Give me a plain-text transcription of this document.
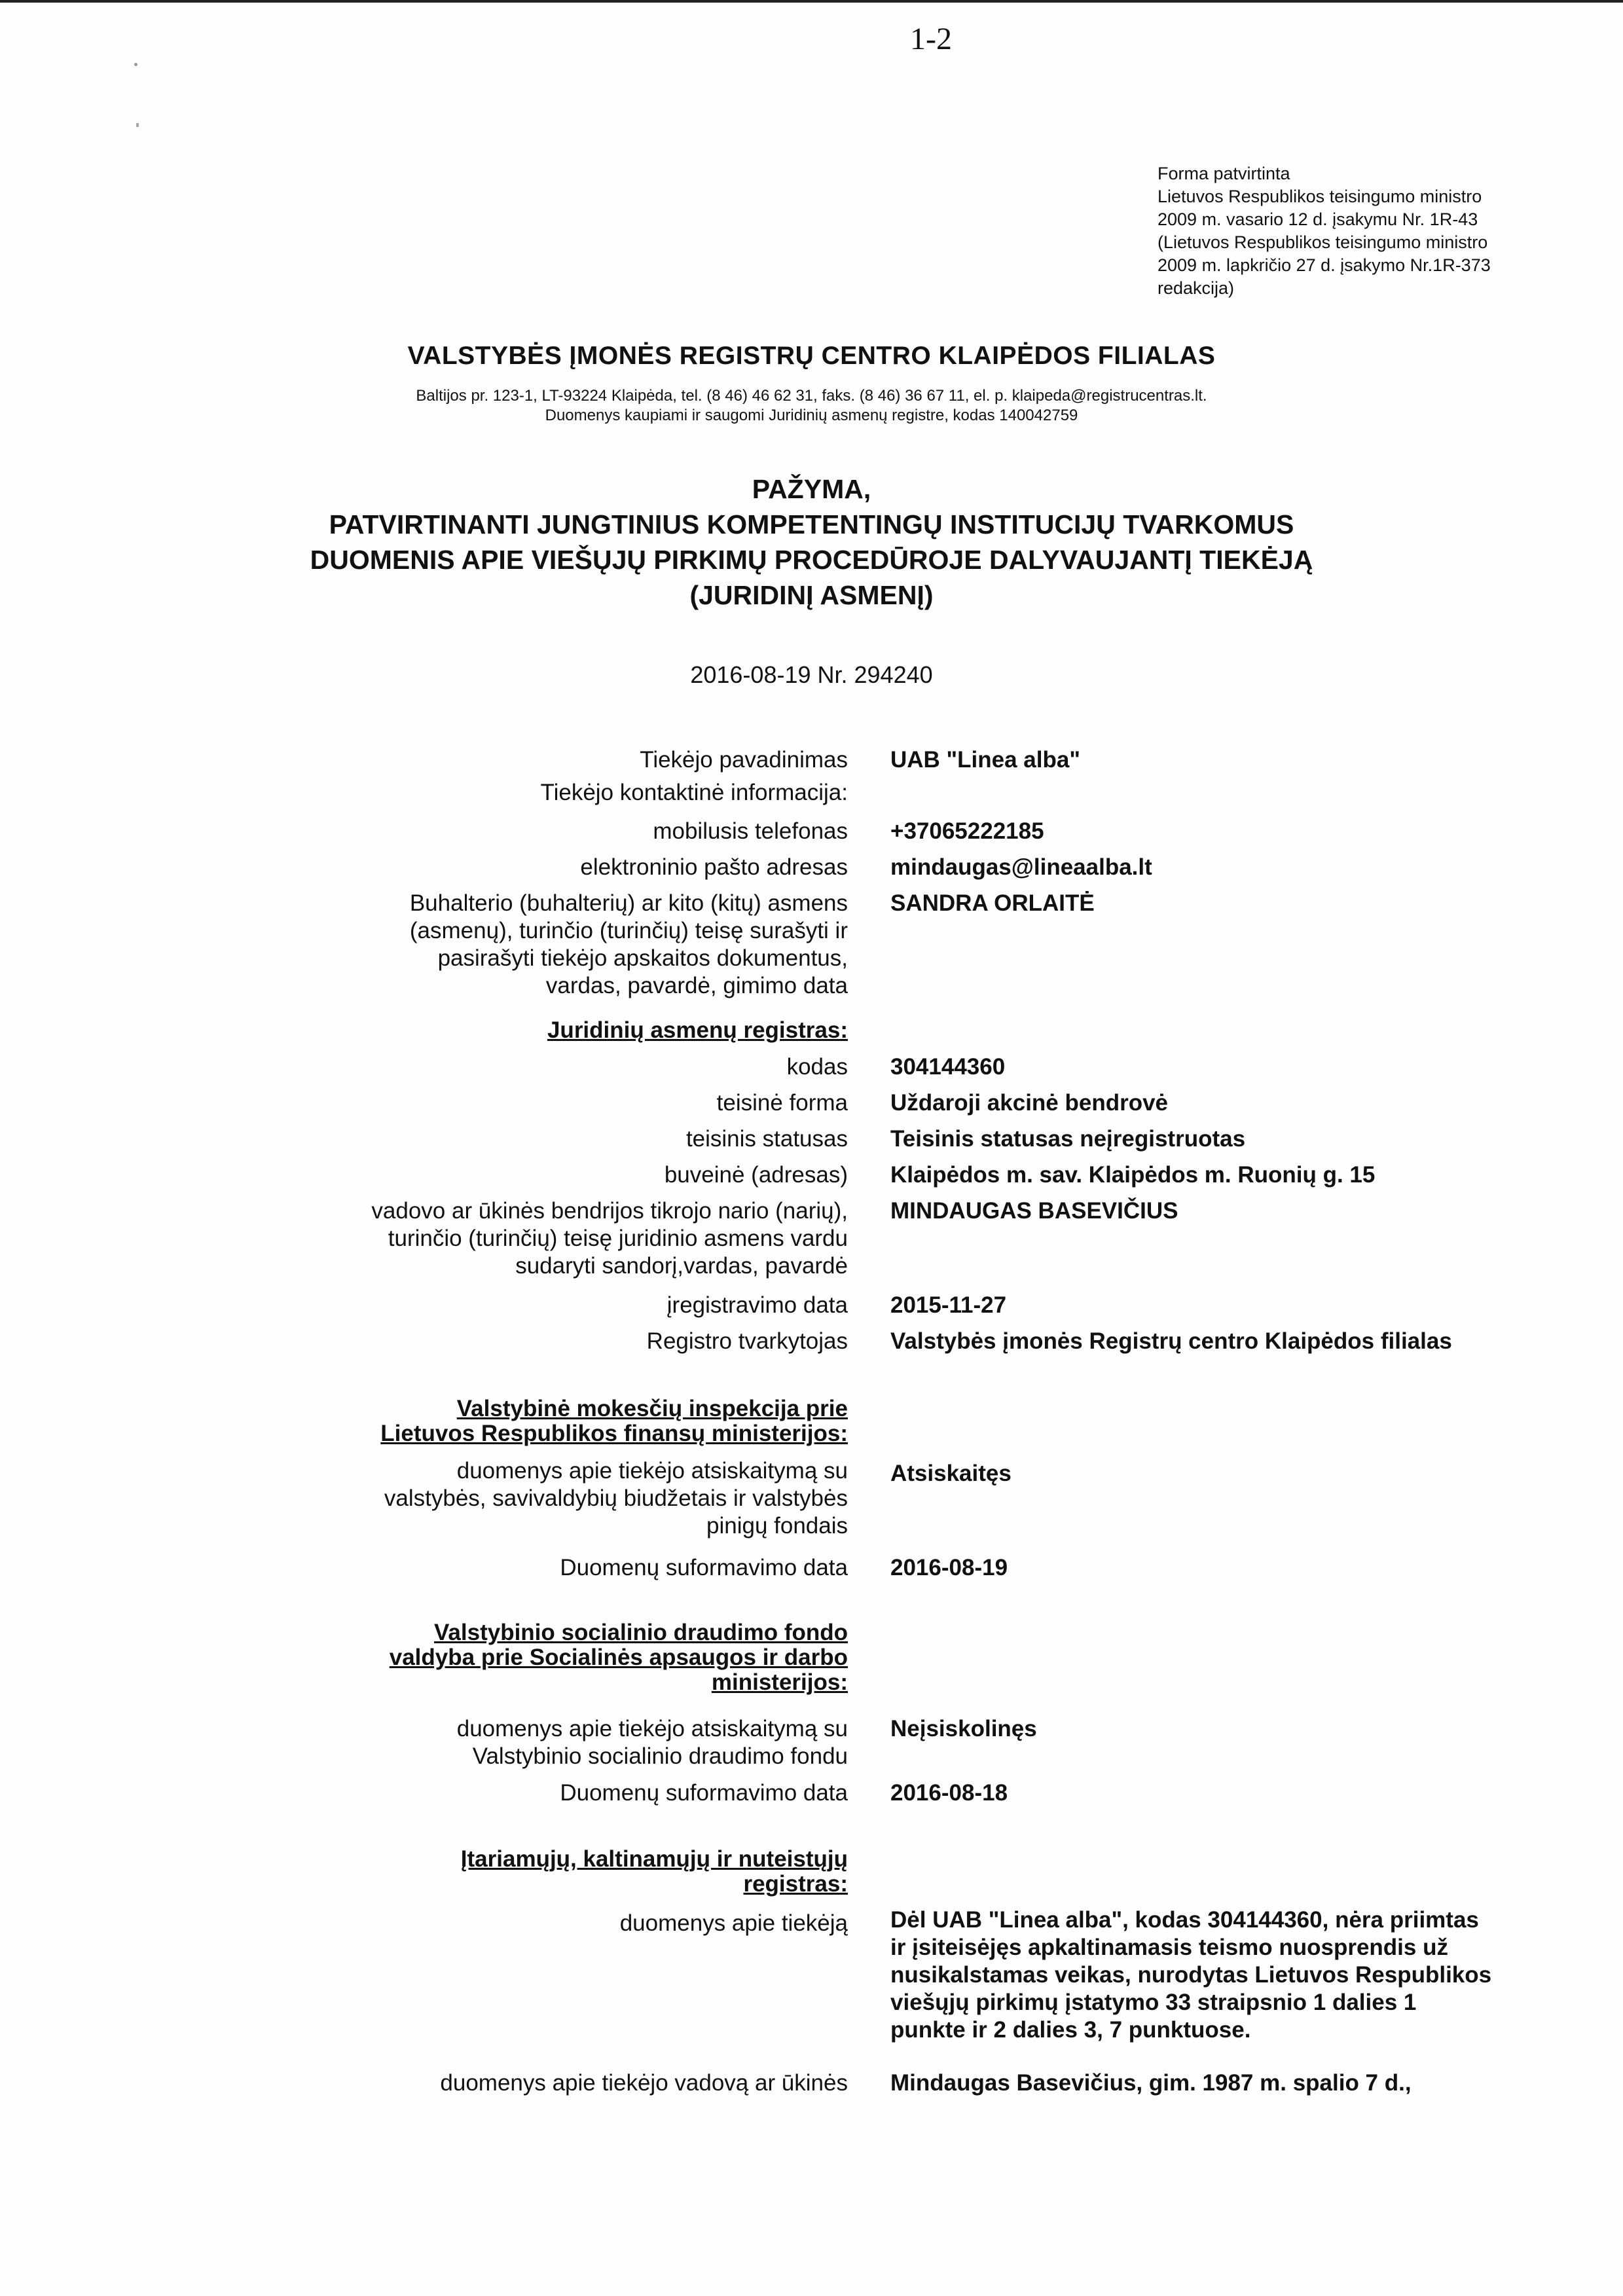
1-2
Forma patvirtinta
Lietuvos Respublikos teisingumo ministro
2009 m. vasario 12 d. įsakymu Nr. 1R-43
(Lietuvos Respublikos teisingumo ministro
2009 m. lapkričio 27 d. įsakymo Nr.1R-373
redakcija)
VALSTYBĖS ĮMONĖS REGISTRŲ CENTRO KLAIPĖDOS FILIALAS
Baltijos pr. 123-1, LT-93224 Klaipėda, tel. (8 46) 46 62 31, faks. (8 46) 36 67 11, el. p. klaipeda@registrucentras.lt.
Duomenys kaupiami ir saugomi Juridinių asmenų registre, kodas 140042759
PAŽYMA,
PATVIRTINANTI JUNGTINIUS KOMPETENTINGŲ INSTITUCIJŲ TVARKOMUS
DUOMENIS APIE VIEŠŲJŲ PIRKIMŲ PROCEDŪROJE DALYVAUJANTĮ TIEKĖJĄ
(JURIDINĮ ASMENĮ)
2016-08-19 Nr. 294240
Tiekėjo pavadinimas UAB "Linea alba"
Tiekėjo kontaktinė informacija:
mobilusis telefonas +37065222185
elektroninio pašto adresas mindaugas@lineaalba.lt
Buhalterio (buhalterių) ar kito (kitų) asmens
(asmenų), turinčio (turinčių) teisę surašyti ir
pasirašyti tiekėjo apskaitos dokumentus,
vardas, pavardė, gimimo data
SANDRA ORLAITĖ
Juridinių asmenų registras:
kodas 304144360
teisinė forma Uždaroji akcinė bendrovė
teisinis statusas Teisinis statusas neįregistruotas
buveinė (adresas) Klaipėdos m. sav. Klaipėdos m. Ruonių g. 15
vadovo ar ūkinės bendrijos tikrojo nario (narių),
turinčio (turinčių) teisę juridinio asmens vardu
sudaryti sandorį,vardas, pavardė
MINDAUGAS BASEVIČIUS
įregistravimo data 2015-11-27
Registro tvarkytojas Valstybės įmonės Registrų centro Klaipėdos filialas
Valstybinė mokesčių inspekcija prie
Lietuvos Respublikos finansų ministerijos:
duomenys apie tiekėjo atsiskaitymą su
valstybės, savivaldybių biudžetais ir valstybės
pinigų fondais
Atsiskaitęs
Duomenų suformavimo data 2016-08-19
Valstybinio socialinio draudimo fondo
valdyba prie Socialinės apsaugos ir darbo
ministerijos:
duomenys apie tiekėjo atsiskaitymą su
Valstybinio socialinio draudimo fondu
Neįsiskolinęs
Duomenų suformavimo data 2016-08-18
Įtariamųjų, kaltinamųjų ir nuteistųjų
registras:
duomenys apie tiekėją Dėl UAB "Linea alba", kodas 304144360, nėra priimtas
ir įsiteisėjęs apkaltinamasis teismo nuosprendis už
nusikalstamas veikas, nurodytas Lietuvos Respublikos
viešųjų pirkimų įstatymo 33 straipsnio 1 dalies 1
punkte ir 2 dalies 3, 7 punktuose.
duomenys apie tiekėjo vadovą ar ūkinės Mindaugas Basevičius, gim. 1987 m. spalio 7 d.,
